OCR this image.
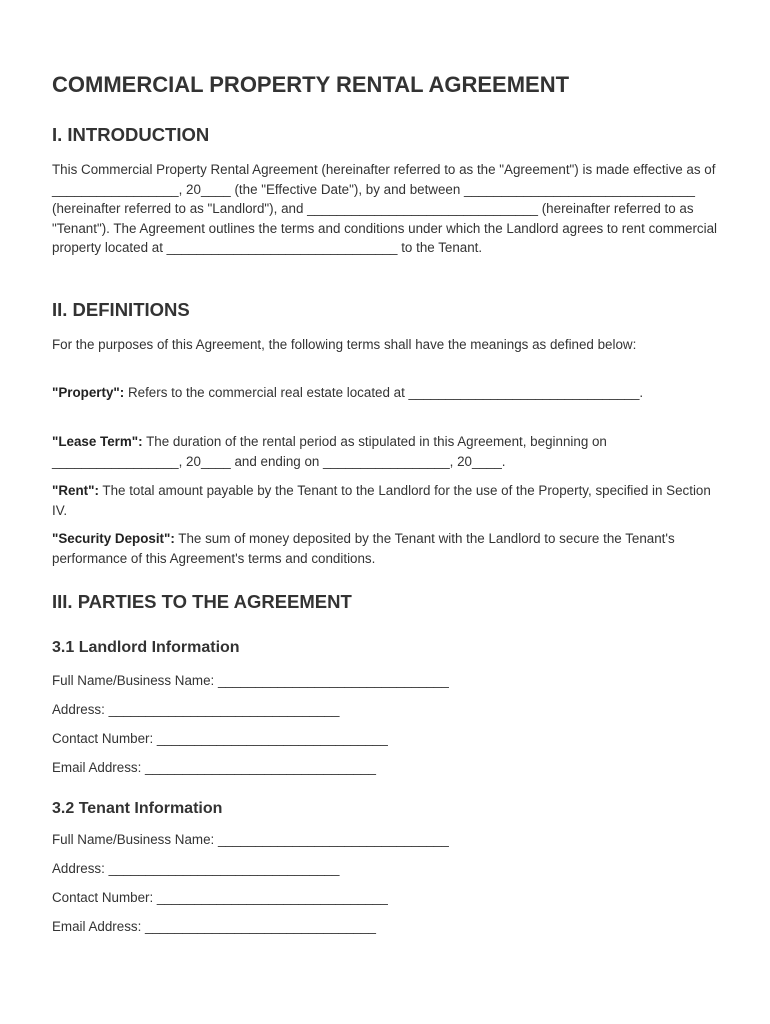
COMMERCIAL PROPERTY RENTAL AGREEMENT
I. INTRODUCTION
This Commercial Property Rental Agreement (hereinafter referred to as the "Agreement") is made effective as of _________________, 20____ (the "Effective Date"), by and between _______________________________ (hereinafter referred to as "Landlord"), and _______________________________ (hereinafter referred to as "Tenant"). The Agreement outlines the terms and conditions under which the Landlord agrees to rent commercial property located at _______________________________ to the Tenant.
II. DEFINITIONS
For the purposes of this Agreement, the following terms shall have the meanings as defined below:
"Property": Refers to the commercial real estate located at _______________________________.
"Lease Term": The duration of the rental period as stipulated in this Agreement, beginning on _________________, 20____ and ending on _________________, 20____.
"Rent": The total amount payable by the Tenant to the Landlord for the use of the Property, specified in Section IV.
"Security Deposit": The sum of money deposited by the Tenant with the Landlord to secure the Tenant's performance of this Agreement's terms and conditions.
III. PARTIES TO THE AGREEMENT
3.1 Landlord Information
Full Name/Business Name: _______________________________
Address: _______________________________
Contact Number: _______________________________
Email Address: _______________________________
3.2 Tenant Information
Full Name/Business Name: _______________________________
Address: _______________________________
Contact Number: _______________________________
Email Address: _______________________________
